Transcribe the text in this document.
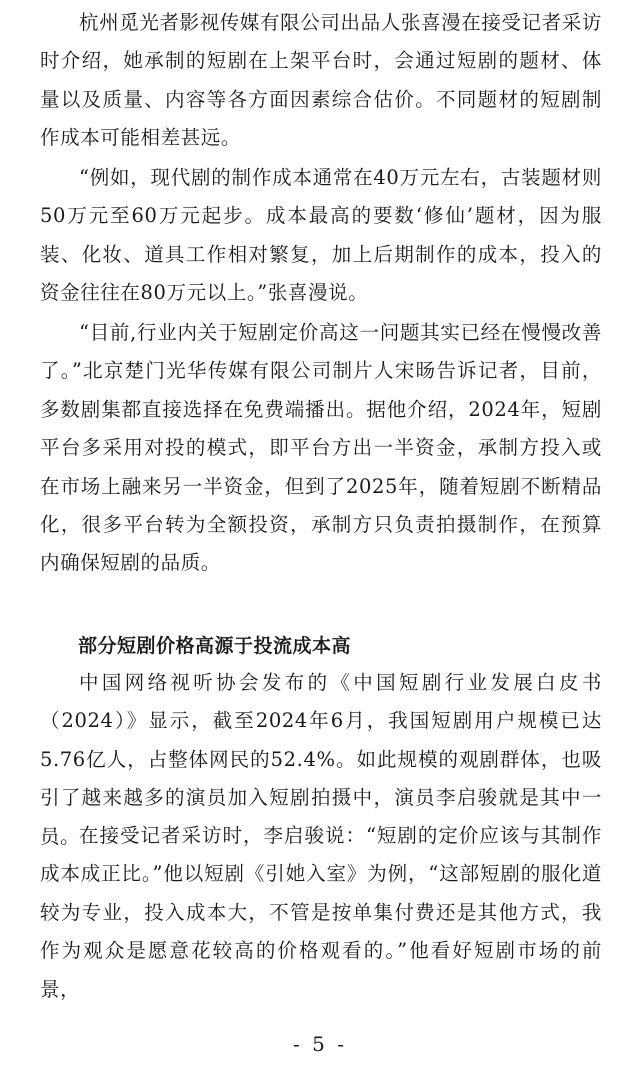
杭州觅光者影视传媒有限公司出品人张喜漫在接受记者采访时介绍，她承制的短剧在上架平台时，会通过短剧的题材、体量以及质量、内容等各方面因素综合估价。不同题材的短剧制作成本可能相差甚远。

“例如，现代剧的制作成本通常在40万元左右，古装题材则50万元至60万元起步。成本最高的要数‘修仙’题材，因为服装、化妆、道具工作相对繁复，加上后期制作的成本，投入的资金往往在80万元以上。”张喜漫说。

“目前,行业内关于短剧定价高这一问题其实已经在慢慢改善了。”北京楚门光华传媒有限公司制片人宋旸告诉记者，目前，多数剧集都直接选择在免费端播出。据他介绍，2024年，短剧平台多采用对投的模式，即平台方出一半资金，承制方投入或在市场上融来另一半资金，但到了2025年，随着短剧不断精品化，很多平台转为全额投资，承制方只负责拍摄制作，在预算内确保短剧的品质。

部分短剧价格高源于投流成本高

中国网络视听协会发布的《中国短剧行业发展白皮书（2024）》显示，截至2024年6月，我国短剧用户规模已达5.76亿人，占整体网民的52.4%。如此规模的观剧群体，也吸引了越来越多的演员加入短剧拍摄中，演员李启骏就是其中一员。

在接受记者采访时，李启骏说：“短剧的定价应该与其制作成本成正比。”他以短剧《引她入室》为例，“这部短剧的服化道较为专业，投入成本大，不管是按单集付费还是其他方式，我作为观众是愿意花较高的价格观看的。”他看好短剧市场的前景，

- 5 -
